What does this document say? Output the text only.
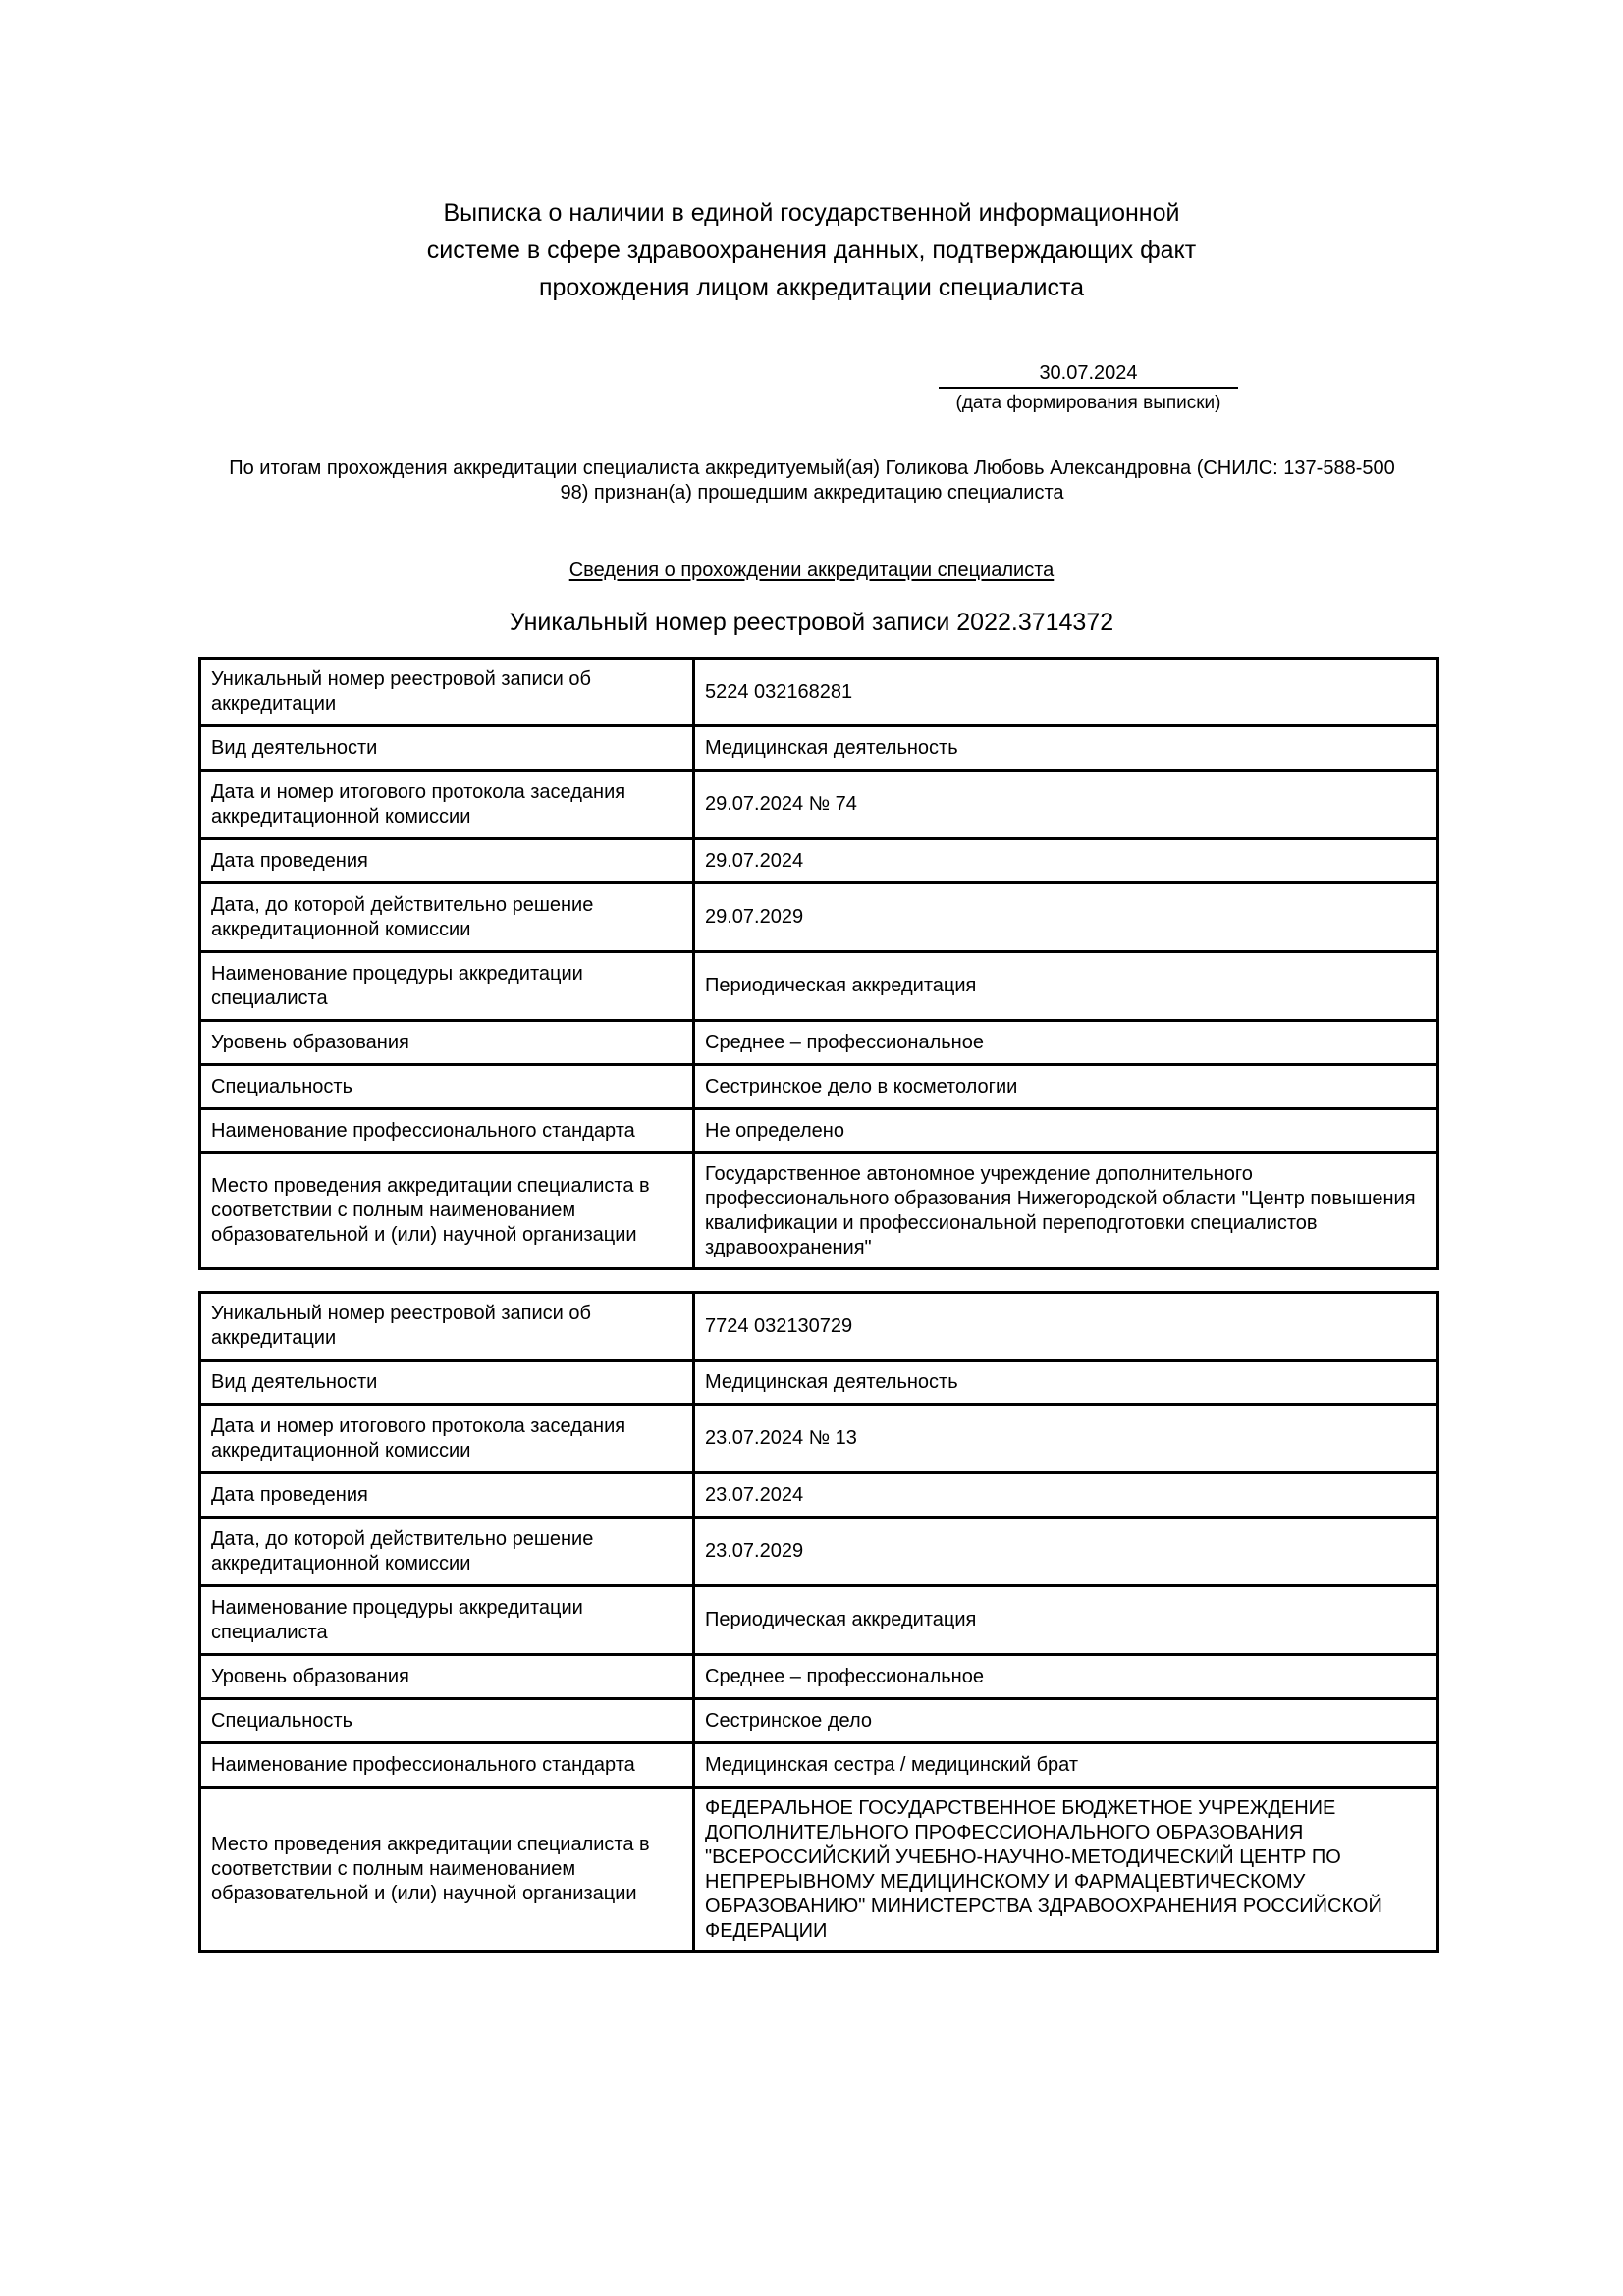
Выписка о наличии в единой государственной информационной
системе в сфере здравоохранения данных, подтверждающих факт
прохождения лицом аккредитации специалиста
30.07.2024
(дата формирования выписки)
По итогам прохождения аккредитации специалиста аккредитуемый(ая) Голикова Любовь Александровна (СНИЛС: 137-588-500
98) признан(а) прошедшим аккредитацию специалиста
Сведения о прохождении аккредитации специалиста
Уникальный номер реестровой записи 2022.3714372
Уникальный номер реестровой записи об аккредитации	5224 032168281
Вид деятельности	Медицинская деятельность
Дата и номер итогового протокола заседания аккредитационной комиссии	29.07.2024 № 74
Дата проведения	29.07.2024
Дата, до которой действительно решение аккредитационной комиссии	29.07.2029
Наименование процедуры аккредитации специалиста	Периодическая аккредитация
Уровень образования	Среднее – профессиональное
Специальность	Сестринское дело в косметологии
Наименование профессионального стандарта	Не определено
Место проведения аккредитации специалиста в соответствии с полным наименованием образовательной и (или) научной организации	Государственное автономное учреждение дополнительного профессионального образования Нижегородской области "Центр повышения квалификации и профессиональной переподготовки специалистов здравоохранения"
Уникальный номер реестровой записи об аккредитации	7724 032130729
Вид деятельности	Медицинская деятельность
Дата и номер итогового протокола заседания аккредитационной комиссии	23.07.2024 № 13
Дата проведения	23.07.2024
Дата, до которой действительно решение аккредитационной комиссии	23.07.2029
Наименование процедуры аккредитации специалиста	Периодическая аккредитация
Уровень образования	Среднее – профессиональное
Специальность	Сестринское дело
Наименование профессионального стандарта	Медицинская сестра / медицинский брат
Место проведения аккредитации специалиста в соответствии с полным наименованием образовательной и (или) научной организации	ФЕДЕРАЛЬНОЕ ГОСУДАРСТВЕННОЕ БЮДЖЕТНОЕ УЧРЕЖДЕНИЕ ДОПОЛНИТЕЛЬНОГО ПРОФЕССИОНАЛЬНОГО ОБРАЗОВАНИЯ "ВСЕРОССИЙСКИЙ УЧЕБНО-НАУЧНО-МЕТОДИЧЕСКИЙ ЦЕНТР ПО НЕПРЕРЫВНОМУ МЕДИЦИНСКОМУ И ФАРМАЦЕВТИЧЕСКОМУ ОБРАЗОВАНИЮ" МИНИСТЕРСТВА ЗДРАВООХРАНЕНИЯ РОССИЙСКОЙ ФЕДЕРАЦИИ
